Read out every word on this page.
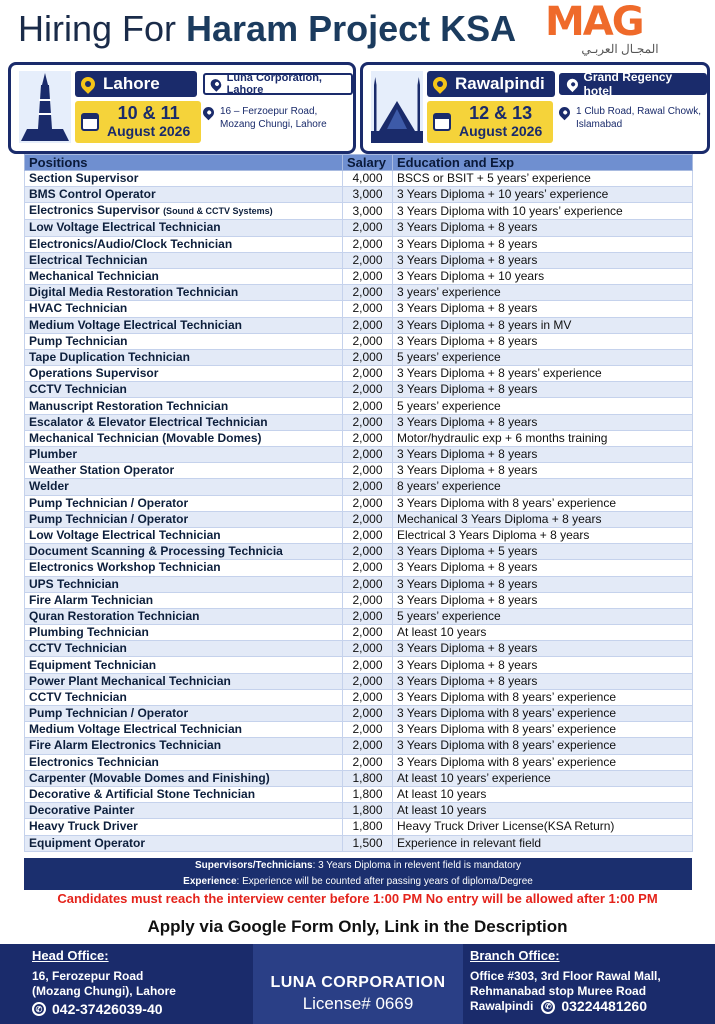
Hiring For Haram Project KSA MAG
المجـال العربـي
Lahore
10 & 11
August 2026
Luna Corporation, Lahore
16 – Ferzoepur Road,
Mozang Chungi, Lahore
Rawalpindi
12 & 13
August 2026
Grand Regency hotel
1 Club Road, Rawal Chowk,
Islamabad
Positions	Salary	Education and Exp
Section Supervisor	4,000	BSCS or BSIT + 5 years’ experience
BMS Control Operator	3,000	3 Years Diploma + 10 years’ experience
Electronics Supervisor (Sound & CCTV Systems)	3,000	3 Years Diploma with 10 years’ experience
Low Voltage Electrical Technician	2,000	3 Years Diploma + 8 years
Electronics/Audio/Clock Technician	2,000	3 Years Diploma + 8 years
Electrical Technician	2,000	3 Years Diploma + 8 years
Mechanical Technician	2,000	3 Years Diploma + 10 years
Digital Media Restoration Technician	2,000	3 years’ experience
HVAC Technician	2,000	3 Years Diploma + 8 years
Medium Voltage Electrical Technician	2,000	3 Years Diploma + 8 years in MV
Pump Technician	2,000	3 Years Diploma + 8 years
Tape Duplication Technician	2,000	5 years’ experience
Operations Supervisor	2,000	3 Years Diploma + 8 years’ experience
CCTV Technician	2,000	3 Years Diploma + 8 years
Manuscript Restoration Technician	2,000	5 years’ experience
Escalator & Elevator Electrical Technician	2,000	3 Years Diploma + 8 years
Mechanical Technician (Movable Domes)	2,000	Motor/hydraulic exp + 6 months training
Plumber	2,000	3 Years Diploma + 8 years
Weather Station Operator	2,000	3 Years Diploma + 8 years
Welder	2,000	8 years’ experience
Pump Technician / Operator	2,000	3 Years Diploma with 8 years’ experience
Pump Technician / Operator	2,000	Mechanical 3 Years Diploma + 8 years
Low Voltage Electrical Technician	2,000	Electrical 3 Years Diploma + 8 years
Document Scanning & Processing Technicia	2,000	3 Years Diploma + 5 years
Electronics Workshop Technician	2,000	3 Years Diploma + 8 years
UPS Technician	2,000	3 Years Diploma + 8 years
Fire Alarm Technician	2,000	3 Years Diploma + 8 years
Quran Restoration Technician	2,000	5 years’ experience
Plumbing Technician	2,000	At least 10 years
CCTV Technician	2,000	3 Years Diploma + 8 years
Equipment Technician	2,000	3 Years Diploma + 8 years
Power Plant Mechanical Technician	2,000	3 Years Diploma + 8 years
CCTV Technician	2,000	3 Years Diploma with 8 years’ experience
Pump Technician / Operator	2,000	3 Years Diploma with 8 years’ experience
Medium Voltage Electrical Technician	2,000	3 Years Diploma with 8 years’ experience
Fire Alarm Electronics Technician	2,000	3 Years Diploma with 8 years’ experience
Electronics Technician	2,000	3 Years Diploma with 8 years’ experience
Carpenter (Movable Domes and Finishing)	1,800	At least 10 years’ experience
Decorative & Artificial Stone Technician	1,800	At least 10 years
Decorative Painter	1,800	At least 10 years
Heavy Truck Driver	1,800	Heavy Truck Driver License(KSA Return)
Equipment Operator	1,500	Experience in relevant field
Supervisors/Technicians: 3 Years Diploma in relevent field is mandatory
Experience: Experience will be counted after passing years of diploma/Degree
Candidates must reach the interview center before 1:00 PM No entry will be allowed after 1:00 PM
Apply via Google Form Only, Link in the Description
Head Office:
16, Ferozepur Road
(Mozang Chungi), Lahore
✆ 042-37426039-40
LUNA CORPORATION
License# 0669
Branch Office:
Office #303, 3rd Floor Rawal Mall,
Rehmanabad stop Muree Road
Rawalpindi	✆ 03224481260
